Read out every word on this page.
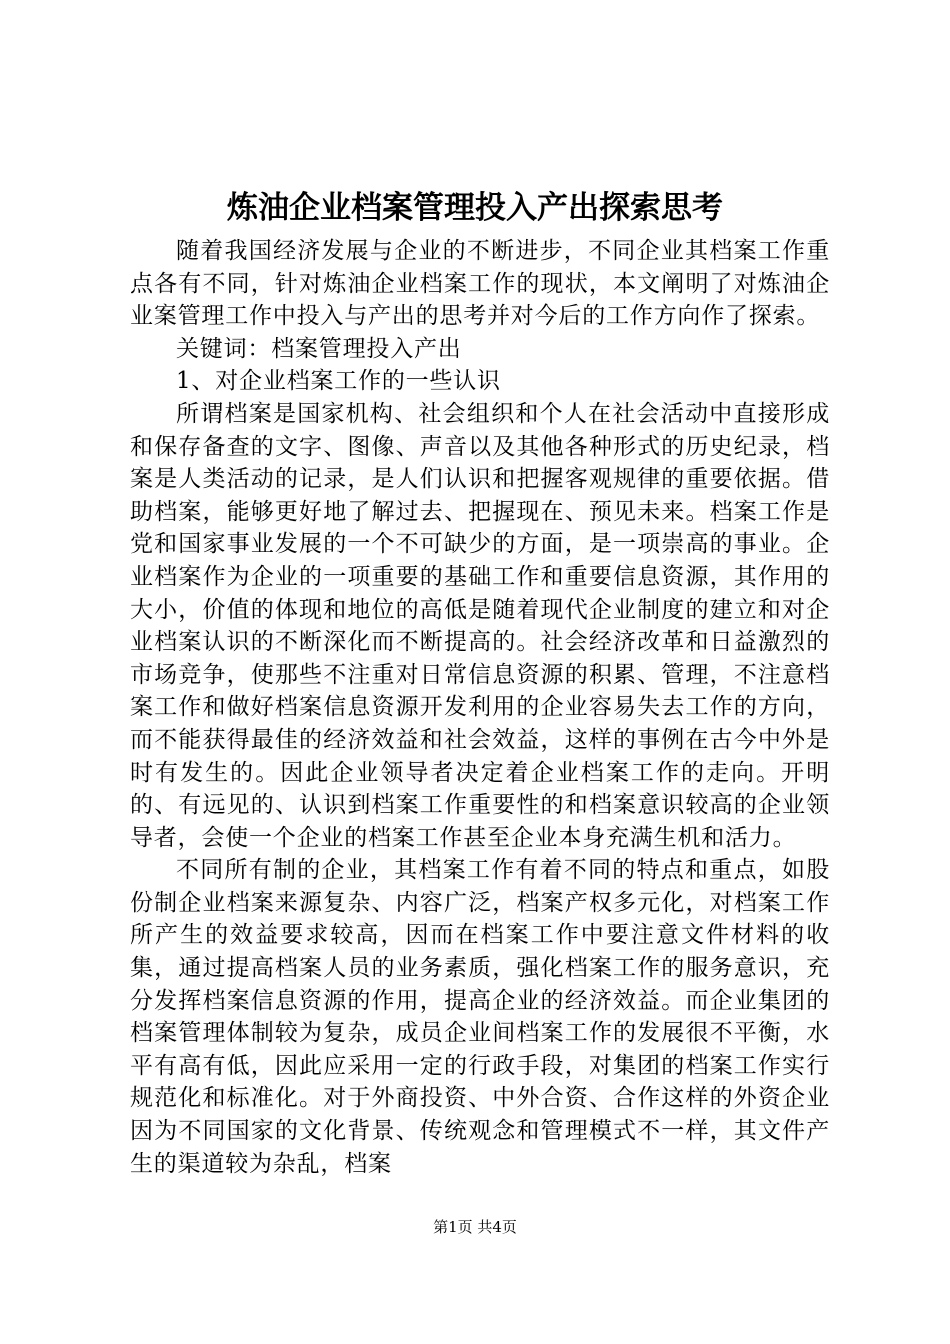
炼油企业档案管理投入产出探索思考

随着我国经济发展与企业的不断进步，不同企业其档案工作重点各有不同，针对炼油企业档案工作的现状，本文阐明了对炼油企业案管理工作中投入与产出的思考并对今后的工作方向作了探索。

关键词：档案管理投入产出

1、对企业档案工作的一些认识

所谓档案是国家机构、社会组织和个人在社会活动中直接形成和保存备查的文字、图像、声音以及其他各种形式的历史纪录，档案是人类活动的记录，是人们认识和把握客观规律的重要依据。借助档案，能够更好地了解过去、把握现在、预见未来。档案工作是党和国家事业发展的一个不可缺少的方面，是一项崇高的事业。企业档案作为企业的一项重要的基础工作和重要信息资源，其作用的大小，价值的体现和地位的高低是随着现代企业制度的建立和对企业档案认识的不断深化而不断提高的。社会经济改革和日益激烈的市场竞争，使那些不注重对日常信息资源的积累、管理，不注意档案工作和做好档案信息资源开发利用的企业容易失去工作的方向，而不能获得最佳的经济效益和社会效益，这样的事例在古今中外是时有发生的。因此企业领导者决定着企业档案工作的走向。开明的、有远见的、认识到档案工作重要性的和档案意识较高的企业领导者，会使一个企业的档案工作甚至企业本身充满生机和活力。

不同所有制的企业，其档案工作有着不同的特点和重点，如股份制企业档案来源复杂、内容广泛，档案产权多元化，对档案工作所产生的效益要求较高，因而在档案工作中要注意文件材料的收集，通过提高档案人员的业务素质，强化档案工作的服务意识，充分发挥档案信息资源的作用，提高企业的经济效益。而企业集团的档案管理体制较为复杂，成员企业间档案工作的发展很不平衡，水平有高有低，因此应采用一定的行政手段，对集团的档案工作实行规范化和标准化。对于外商投资、中外合资、合作这样的外资企业因为不同国家的文化背景、传统观念和管理模式不一样，其文件产生的渠道较为杂乱，档案

第1页 共4页
